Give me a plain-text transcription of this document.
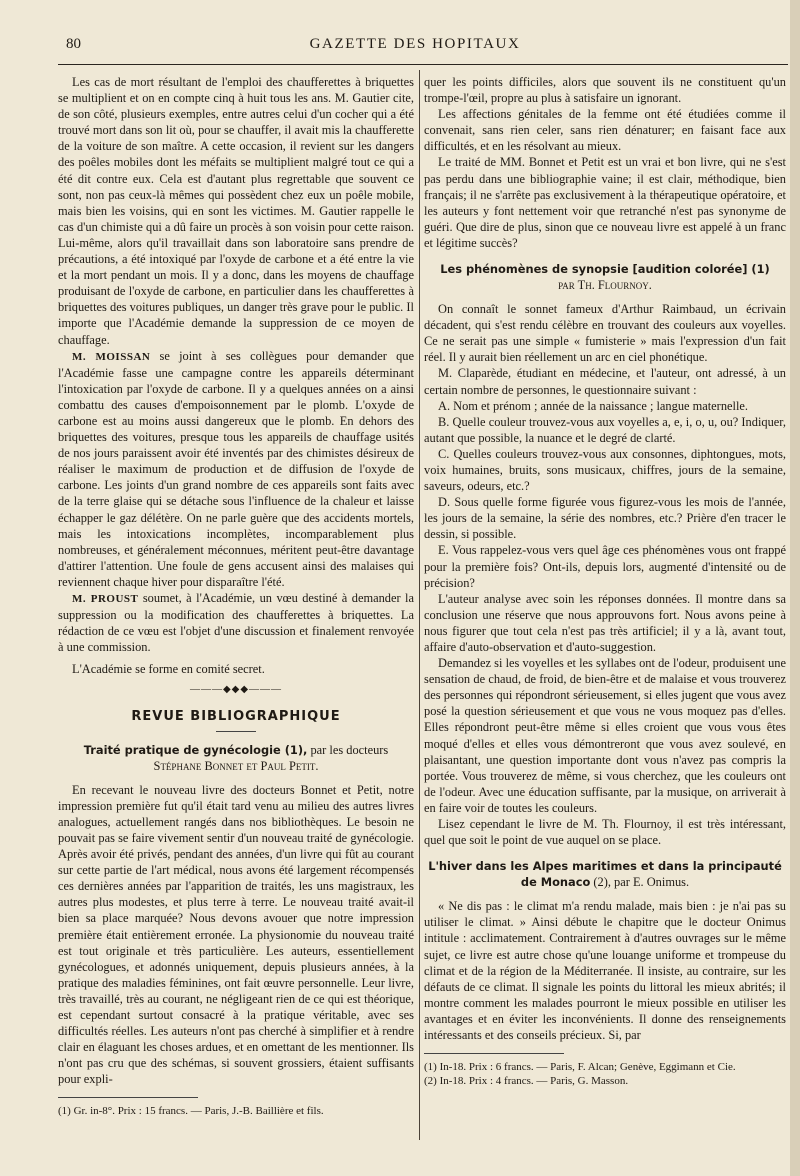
80	GAZETTE DES HOPITAUX

Les cas de mort résultant de l'emploi des chaufferettes à briquettes se multiplient et on en compte cinq à huit tous les ans. M. Gautier cite, de son côté, plusieurs exemples, entre autres celui d'un cocher qui a été trouvé mort dans son lit où, pour se chauffer, il avait mis la chaufferette de la voiture de son maître. A cette occasion, il revient sur les dangers des poêles mobiles dont les méfaits se multiplient malgré tout ce qui a été dit contre eux. Cela est d'autant plus regrettable que souvent ce sont, non pas ceux-là mêmes qui possèdent chez eux un poêle mobile, mais bien les voisins, qui en sont les victimes. M. Gautier rappelle le cas d'un chimiste qui a dû faire un procès à son voisin pour cette raison. Lui-même, alors qu'il travaillait dans son laboratoire sans prendre de précautions, a été intoxiqué par l'oxyde de carbone et a été entre la vie et la mort pendant un mois. Il y a donc, dans les moyens de chauffage produisant de l'oxyde de carbone, en particulier dans les chaufferettes à briquettes des voitures publiques, un danger très grave pour le public. Il importe que l'Académie demande la suppression de ce moyen de chauffage.

M. MOISSAN se joint à ses collègues pour demander que l'Académie fasse une campagne contre les appareils déterminant l'intoxication par l'oxyde de carbone. Il y a quelques années on a ainsi combattu des causes d'empoisonnement par le plomb. L'oxyde de carbone est au moins aussi dangereux que le plomb. En dehors des briquettes des voitures, presque tous les appareils de chauffage usités de nos jours paraissent avoir été inventés par des chimistes désireux de réaliser le maximum de production et de diffusion de l'oxyde de carbone. Les joints d'un grand nombre de ces appareils sont faits avec de la terre glaise qui se détache sous l'influence de la chaleur et laisse échapper le gaz délétère. On ne parle guère que des accidents mortels, mais les intoxications incomplètes, incomparablement plus nombreuses, et généralement méconnues, méritent peut-être davantage d'attirer l'attention. Une foule de gens accusent ainsi des malaises qui reviennent chaque hiver pour disparaître l'été.

M. PROUST soumet, à l'Académie, un vœu destiné à demander la suppression ou la modification des chaufferettes à briquettes. La rédaction de ce vœu est l'objet d'une discussion et finalement renvoyée à une commission.

L'Académie se forme en comité secret.

———◆◆◆———
REVUE BIBLIOGRAPHIQUE
Traité pratique de gynécologie (1), par les docteurs
Stéphane Bonnet et Paul Petit.

En recevant le nouveau livre des docteurs Bonnet et Petit, notre impression première fut qu'il était tard venu au milieu des autres livres analogues, actuellement rangés dans nos bibliothèques. Le besoin ne pouvait pas se faire vivement sentir d'un nouveau traité de gynécologie. Après avoir été privés, pendant des années, d'un livre qui fût au courant sur cette partie de l'art médical, nous avons été largement récompensés ces dernières années par l'apparition de traités, les uns magistraux, les autres plus modestes, et plus terre à terre. Le nouveau traité avait-il bien sa place marquée? Nous devons avouer que notre impression première était entièrement erronée. La physionomie du nouveau traité est tout originale et très particulière. Les auteurs, essentiellement gynécologues, et adonnés uniquement, depuis plusieurs années, à la pratique des maladies féminines, ont fait œuvre personnelle. Leur livre, très travaillé, très au courant, ne négligeant rien de ce qui est théorique, est cependant surtout consacré à la pratique véritable, avec ses difficultés réelles. Les auteurs n'ont pas cherché à simplifier et à rendre clair en élaguant les choses ardues, et en omettant de les mentionner. Ils n'ont pas cru que des schémas, si souvent grossiers, étaient suffisants pour expli-

(1) Gr. in-8°. Prix : 15 francs. — Paris, J.-B. Baillière et fils.

quer les points difficiles, alors que souvent ils ne constituent qu'un trompe-l'œil, propre au plus à satisfaire un ignorant.

Les affections génitales de la femme ont été étudiées comme il convenait, sans rien celer, sans rien dénaturer; en faisant face aux difficultés, et en les résolvant au mieux.

Le traité de MM. Bonnet et Petit est un vrai et bon livre, qui ne s'est pas perdu dans une bibliographie vaine; il est clair, méthodique, bien français; il ne s'arrête pas exclusivement à la thérapeutique opératoire, et les auteurs y font nettement voir que retranché n'est pas synonyme de guéri. Que dire de plus, sinon que ce nouveau livre est appelé à un franc et légitime succès?

Les phénomènes de synopsie [audition colorée] (1)
par Th. Flournoy.

On connaît le sonnet fameux d'Arthur Raimbaud, un écrivain décadent, qui s'est rendu célèbre en trouvant des couleurs aux voyelles. Ce ne serait pas une simple « fumisterie » mais l'expression d'un fait réel. Il y aurait bien réellement un arc en ciel phonétique.

M. Claparède, étudiant en médecine, et l'auteur, ont adressé, à un certain nombre de personnes, le questionnaire suivant :

A. Nom et prénom ; année de la naissance ; langue maternelle.

B. Quelle couleur trouvez-vous aux voyelles a, e, i, o, u, ou? Indiquer, autant que possible, la nuance et le degré de clarté.

C. Quelles couleurs trouvez-vous aux consonnes, diphtongues, mots, voix humaines, bruits, sons musicaux, chiffres, jours de la semaine, saveurs, odeurs, etc.?

D. Sous quelle forme figurée vous figurez-vous les mois de l'année, les jours de la semaine, la série des nombres, etc.? Prière d'en tracer le dessin, si possible.

E. Vous rappelez-vous vers quel âge ces phénomènes vous ont frappé pour la première fois? Ont-ils, depuis lors, augmenté d'intensité ou de précision?

L'auteur analyse avec soin les réponses données. Il montre dans sa conclusion une réserve que nous approuvons fort. Nous avons peine à nous figurer que tout cela n'est pas très artificiel; il y a là, avant tout, affaire d'auto-observation et d'auto-suggestion.

Demandez si les voyelles et les syllabes ont de l'odeur, produisent une sensation de chaud, de froid, de bien-être et de malaise et vous trouverez des personnes qui répondront sérieusement, si elles jugent que vous avez posé la question sérieusement et que vous ne vous moquez pas d'elles. Elles répondront peut-être même si elles croient que vous vous êtes moqué d'elles et elles vous démontreront que vous avez soulevé, en plaisantant, une question importante dont vous n'avez pas compris la portée. Vous trouverez de même, si vous cherchez, que les couleurs ont de l'odeur. Avec une éducation suffisante, par la musique, on arriverait à en faire voir de toutes les couleurs.

Lisez cependant le livre de M. Th. Flournoy, il est très intéressant, quel que soit le point de vue auquel on se place.

L'hiver dans les Alpes maritimes et dans la principauté de Monaco (2), par E. Onimus.

« Ne dis pas : le climat m'a rendu malade, mais bien : je n'ai pas su utiliser le climat. » Ainsi débute le chapitre que le docteur Onimus intitule : acclimatement. Contrairement à d'autres ouvrages sur le même sujet, ce livre est autre chose qu'une louange uniforme et trompeuse du climat et de la région de la Méditerranée. Il insiste, au contraire, sur les défauts de ce climat. Il signale les points du littoral les mieux abrités; il montre comment les malades pourront le mieux possible en utiliser les avantages et en éviter les inconvénients. Il donne des renseignements intéressants et des conseils précieux. Si, par

(1) In-18. Prix : 6 francs. — Paris, F. Alcan; Genève, Eggimann et Cie.

(2) In-18. Prix : 4 francs. — Paris, G. Masson.
